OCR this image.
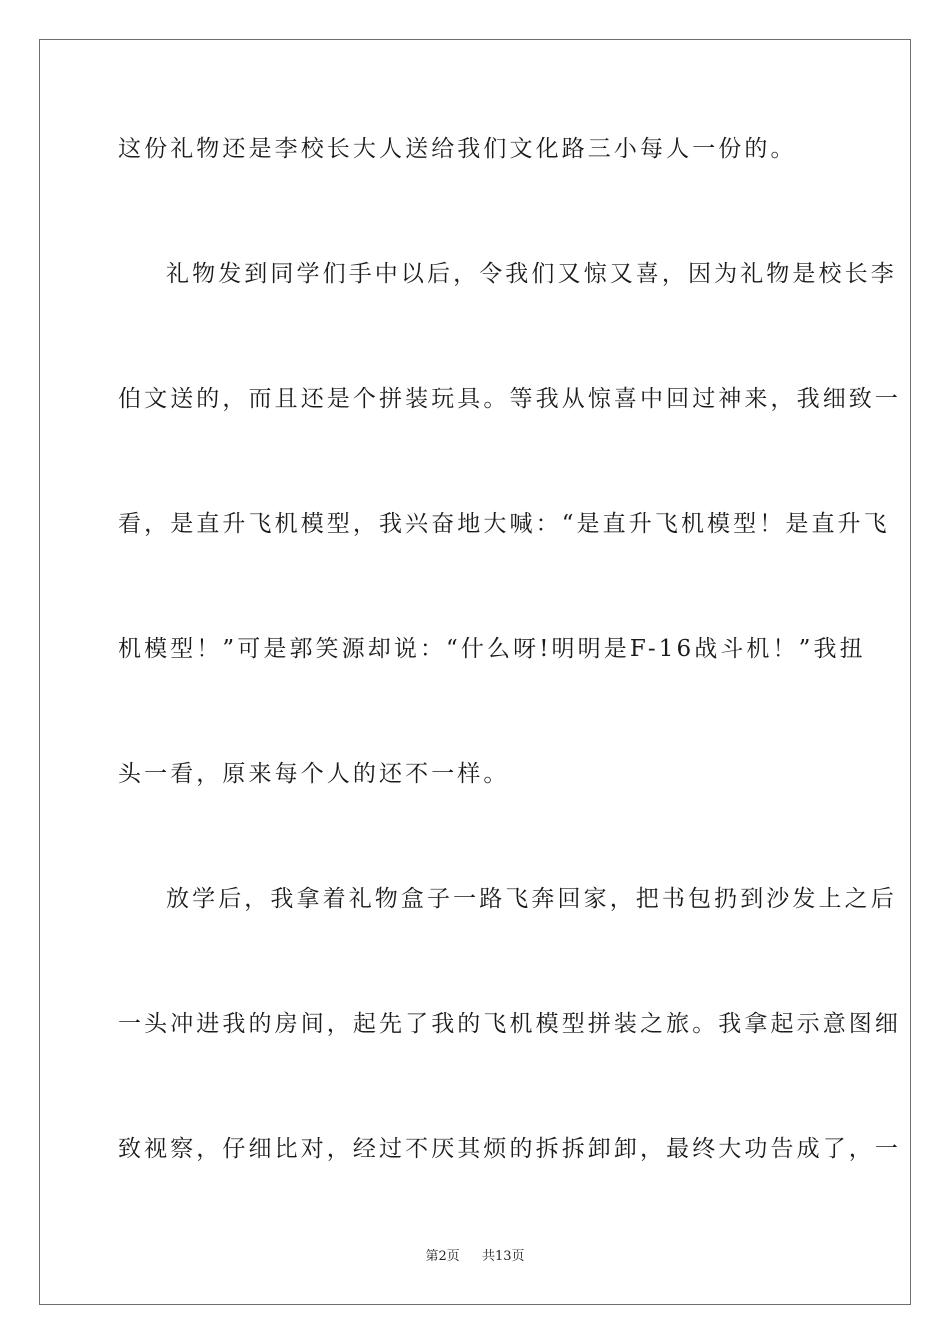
这份礼物还是李校长大人送给我们文化路三小每人一份的。
礼物发到同学们手中以后，令我们又惊又喜，因为礼物是校长李
伯文送的，而且还是个拼装玩具。等我从惊喜中回过神来，我细致一
看，是直升飞机模型，我兴奋地大喊：“是直升飞机模型！是直升飞
机模型！”可是郭笑源却说：“什么呀!明明是F-16战斗机！”我扭
头一看，原来每个人的还不一样。
放学后，我拿着礼物盒子一路飞奔回家，把书包扔到沙发上之后
一头冲进我的房间，起先了我的飞机模型拼装之旅。我拿起示意图细
致视察，仔细比对，经过不厌其烦的拆拆卸卸，最终大功告成了，一
第2页 共13页
